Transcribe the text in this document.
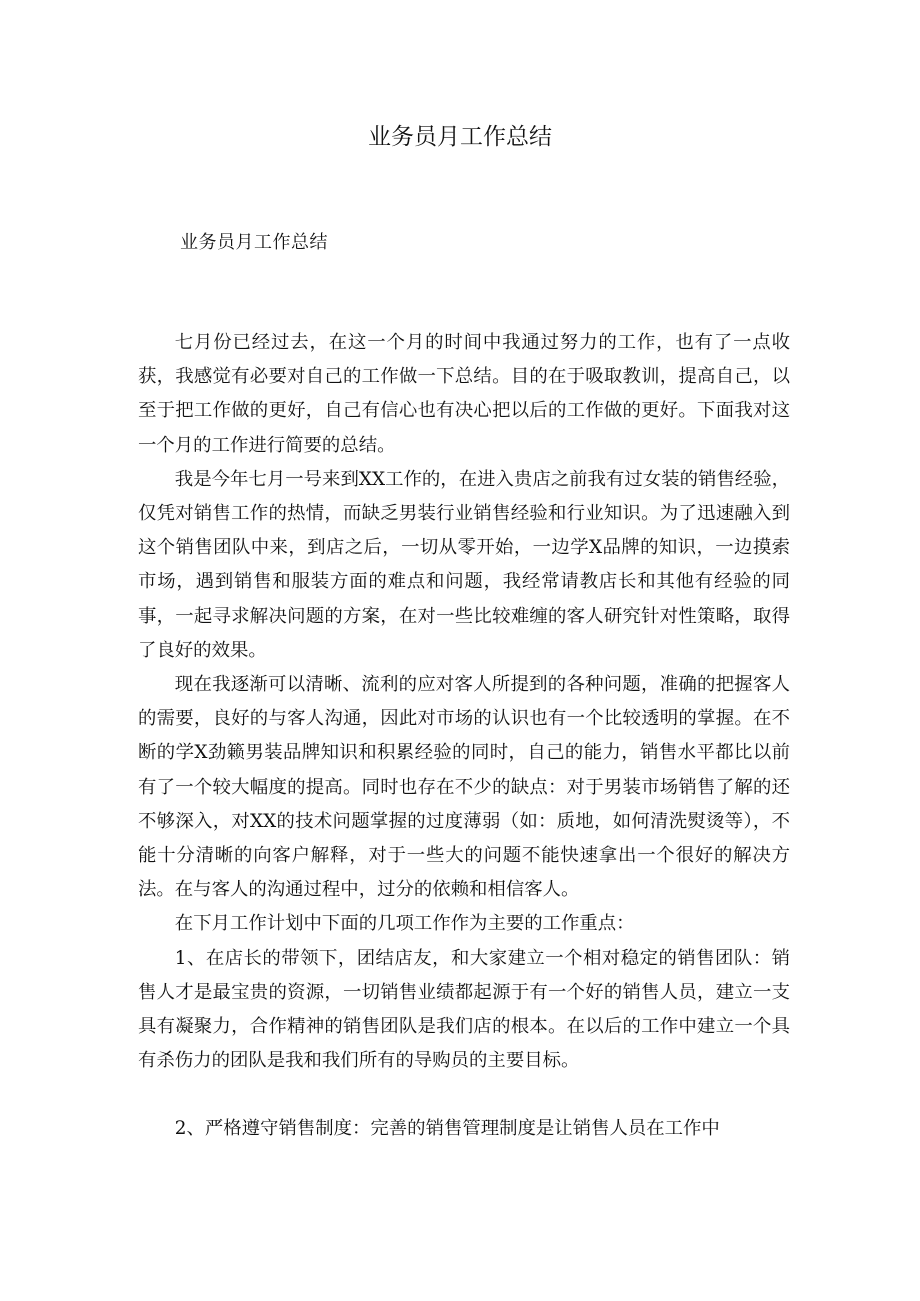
业务员月工作总结
业务员月工作总结

七月份已经过去，在这一个月的时间中我通过努力的工作，也有了一点收获，我感觉有必要对自己的工作做一下总结。目的在于吸取教训，提高自己，以至于把工作做的更好，自己有信心也有决心把以后的工作做的更好。下面我对这一个月的工作进行简要的总结。

我是今年七月一号来到XX工作的，在进入贵店之前我有过女装的销售经验，仅凭对销售工作的热情，而缺乏男装行业销售经验和行业知识。为了迅速融入到这个销售团队中来，到店之后，一切从零开始，一边学X品牌的知识，一边摸索市场，遇到销售和服装方面的难点和问题，我经常请教店长和其他有经验的同事，一起寻求解决问题的方案，在对一些比较难缠的客人研究针对性策略，取得了良好的效果。

现在我逐渐可以清晰、流利的应对客人所提到的各种问题，准确的把握客人的需要，良好的与客人沟通，因此对市场的认识也有一个比较透明的掌握。在不断的学X劲籁男装品牌知识和积累经验的同时，自己的能力，销售水平都比以前有了一个较大幅度的提高。同时也存在不少的缺点：对于男装市场销售了解的还不够深入，对XX的技术问题掌握的过度薄弱（如：质地，如何清洗熨烫等），不能十分清晰的向客户解释，对于一些大的问题不能快速拿出一个很好的解决方法。在与客人的沟通过程中，过分的依赖和相信客人。

在下月工作计划中下面的几项工作作为主要的工作重点：

1、在店长的带领下，团结店友，和大家建立一个相对稳定的销售团队：销售人才是最宝贵的资源，一切销售业绩都起源于有一个好的销售人员，建立一支具有凝聚力，合作精神的销售团队是我们店的根本。在以后的工作中建立一个具有杀伤力的团队是我和我们所有的导购员的主要目标。

2、严格遵守销售制度：完善的销售管理制度是让销售人员在工作中
